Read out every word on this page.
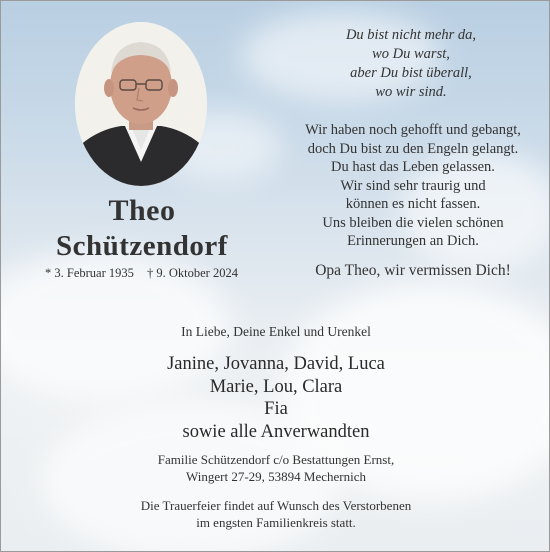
Theo
Schützendorf
* 3. Februar 1935 † 9. Oktober 2024

Du bist nicht mehr da,

wo Du warst,

aber Du bist überall,

wo wir sind.

Wir haben noch gehofft und gebangt,

doch Du bist zu den Engeln gelangt.

Du hast das Leben gelassen.

Wir sind sehr traurig und

können es nicht fassen.

Uns bleiben die vielen schönen

Erinnerungen an Dich.

Opa Theo, wir vermissen Dich!
In Liebe, Deine Enkel und Urenkel

Janine, Jovanna, David, Luca

Marie, Lou, Clara

Fia

sowie alle Anverwandten

Familie Schützendorf c/o Bestattungen Ernst,

Wingert 27-29, 53894 Mechernich

Die Trauerfeier findet auf Wunsch des Verstorbenen

im engsten Familienkreis statt.
